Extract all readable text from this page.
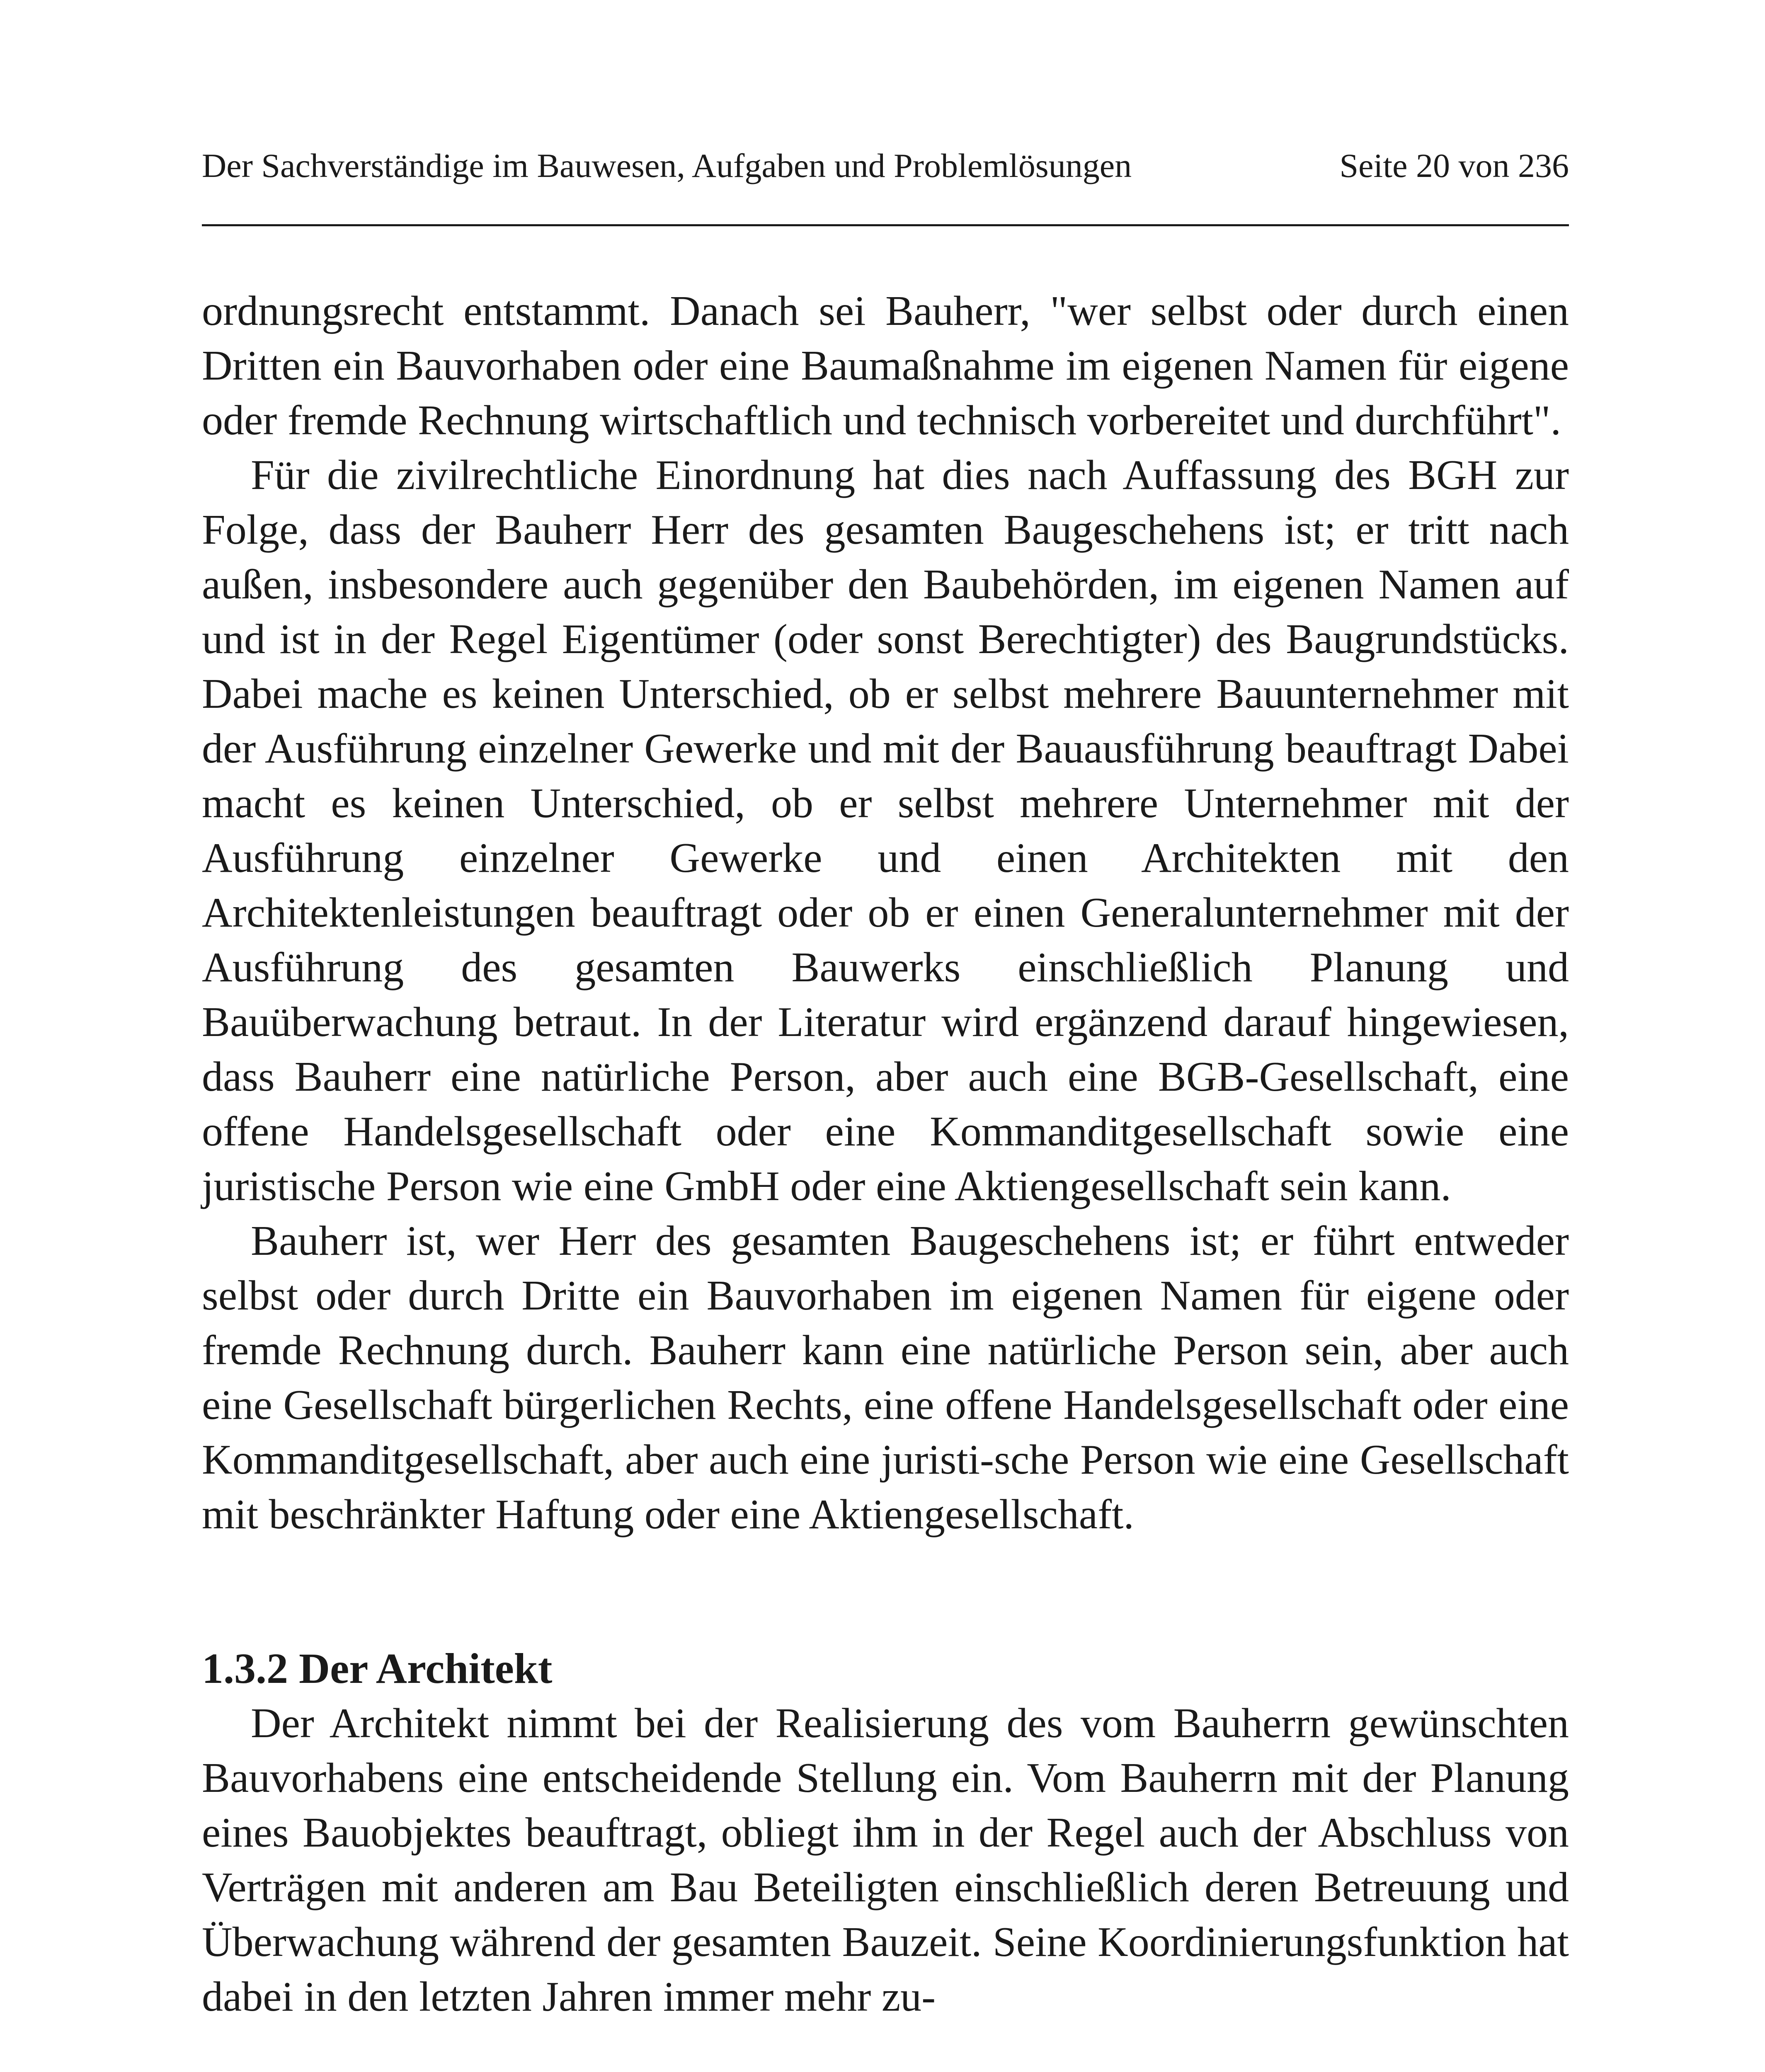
Der Sachverständige im Bauwesen, Aufgaben und Problemlösungen	Seite 20 von 236

ordnungsrecht entstammt. Danach sei Bauherr, "wer selbst oder durch einen Dritten ein Bauvorhaben oder eine Baumaßnahme im eigenen Namen für eigene oder fremde Rechnung wirtschaftlich und technisch vorbereitet und durchführt".

Für die zivilrechtliche Einordnung hat dies nach Auffassung des BGH zur Folge, dass der Bauherr Herr des gesamten Baugeschehens ist; er tritt nach außen, insbesondere auch gegenüber den Baubehörden, im eigenen Namen auf und ist in der Regel Eigentümer (oder sonst Berechtigter) des Baugrundstücks. Dabei mache es keinen Unterschied, ob er selbst mehrere Bauunternehmer mit der Ausführung einzelner Gewerke und mit der Bauausführung beauftragt Dabei macht es keinen Unterschied, ob er selbst mehrere Unternehmer mit der Ausführung einzelner Gewerke und einen Architekten mit den Architektenleistungen beauftragt oder ob er einen Generalunternehmer mit der Ausführung des gesamten Bauwerks einschließlich Planung und Bauüberwachung betraut. In der Literatur wird ergänzend darauf hingewiesen, dass Bauherr eine natürliche Person, aber auch eine BGB-Gesellschaft, eine offene Handelsgesellschaft oder eine Kommanditgesellschaft sowie eine juristische Person wie eine GmbH oder eine Aktiengesellschaft sein kann.

Bauherr ist, wer Herr des gesamten Baugeschehens ist; er führt entweder selbst oder durch Dritte ein Bauvorhaben im eigenen Namen für eigene oder fremde Rechnung durch. Bauherr kann eine natürliche Person sein, aber auch eine Gesellschaft bürgerlichen Rechts, eine offene Handelsgesellschaft oder eine Kommanditgesellschaft, aber auch eine juristi-sche Person wie eine Gesellschaft mit beschränkter Haftung oder eine Aktiengesellschaft.

1.3.2 Der Architekt

Der Architekt nimmt bei der Realisierung des vom Bauherrn gewünschten Bauvorhabens eine entscheidende Stellung ein. Vom Bauherrn mit der Planung eines Bauobjektes beauftragt, obliegt ihm in der Regel auch der Abschluss von Verträgen mit anderen am Bau Beteiligten einschließlich deren Betreuung und Überwachung während der gesamten Bauzeit. Seine Koordinierungsfunktion hat dabei in den letzten Jahren immer mehr zu-
